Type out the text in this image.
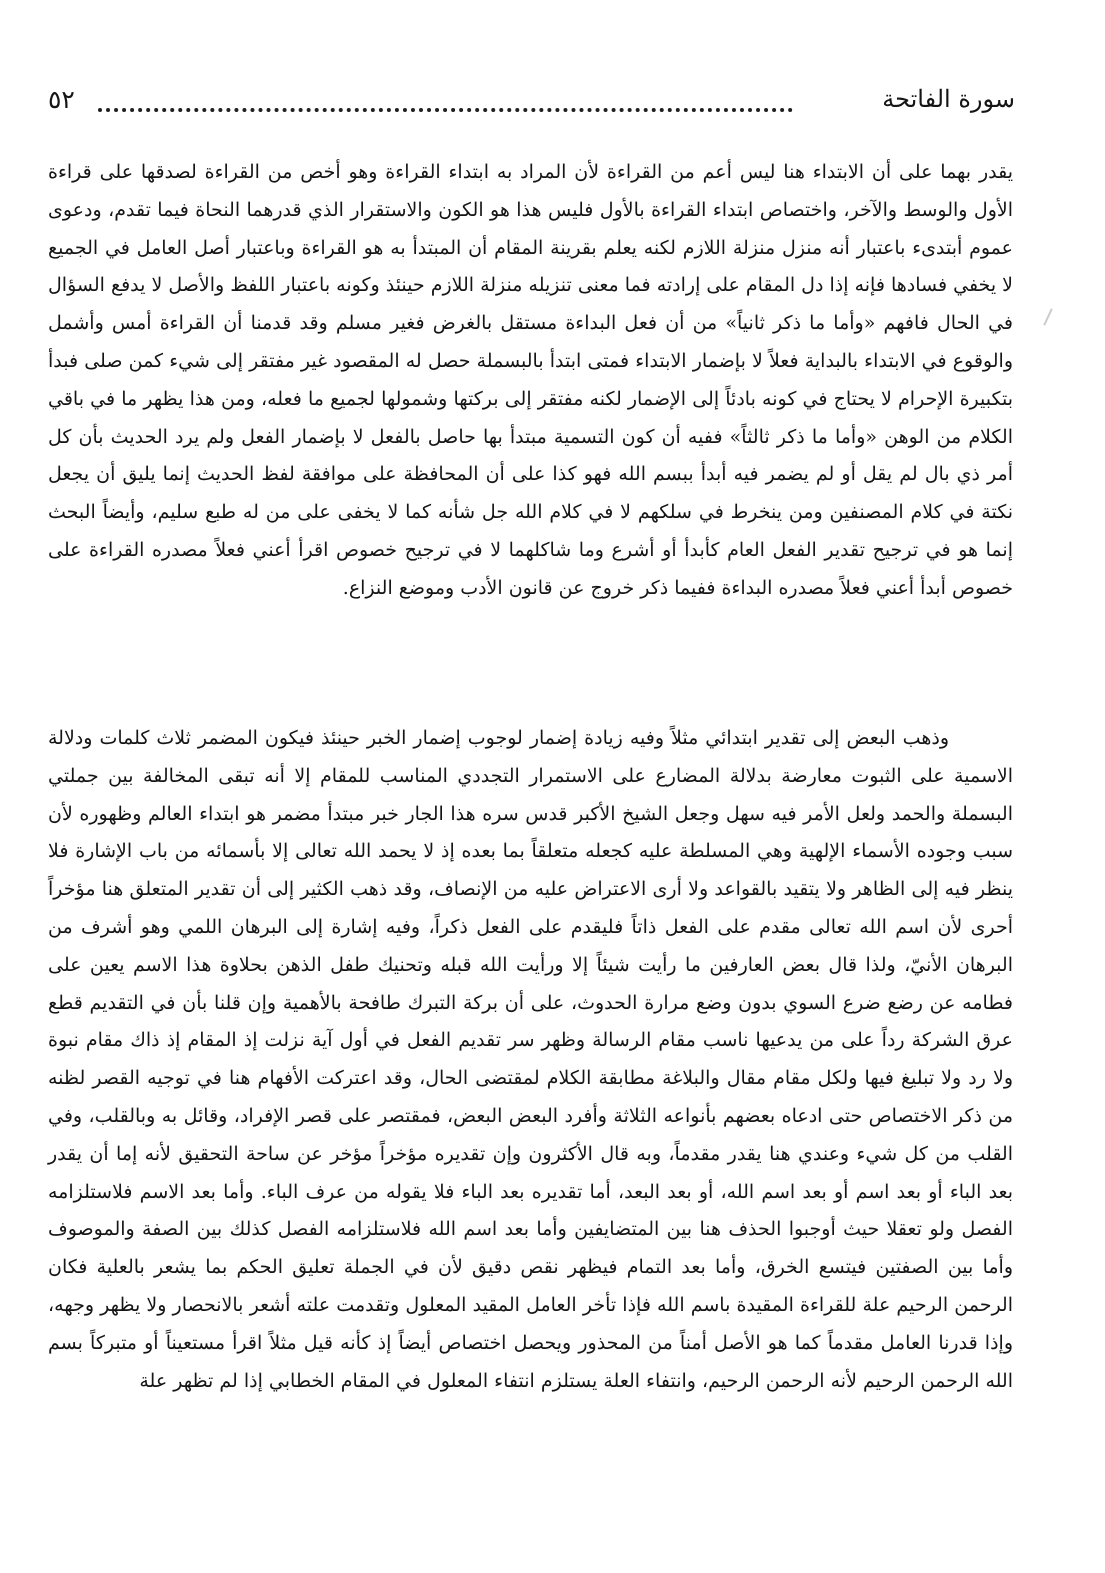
٥٢	سورة الفاتحة

يقدر بهما على أن الابتداء هنا ليس أعم من القراءة لأن المراد به ابتداء القراءة وهو أخص من القراءة لصدقها على قراءة الأول والوسط والآخر، واختصاص ابتداء القراءة بالأول فليس هذا هو الكون والاستقرار الذي قدرهما النحاة فيما تقدم، ودعوى عموم أبتدىء باعتبار أنه منزل منزلة اللازم لكنه يعلم بقرينة المقام أن المبتدأ به هو القراءة وباعتبار أصل العامل في الجميع لا يخفي فسادها فإنه إذا دل المقام على إرادته فما معنى تنزيله منزلة اللازم حينئذ وكونه باعتبار اللفظ والأصل لا يدفع السؤال في الحال فافهم «وأما ما ذكر ثانياً» من أن فعل البداءة مستقل بالغرض فغير مسلم وقد قدمنا أن القراءة أمس وأشمل والوقوع في الابتداء بالبداية فعلاً لا بإضمار الابتداء فمتى ابتدأ بالبسملة حصل له المقصود غير مفتقر إلى شيء كمن صلى فبدأ بتكبيرة الإحرام لا يحتاج في كونه بادئاً إلى الإضمار لكنه مفتقر إلى بركتها وشمولها لجميع ما فعله، ومن هذا يظهر ما في باقي الكلام من الوهن «وأما ما ذكر ثالثاً» ففيه أن كون التسمية مبتدأ بها حاصل بالفعل لا بإضمار الفعل ولم يرد الحديث بأن كل أمر ذي بال لم يقل أو لم يضمر فيه أبدأ ببسم الله فهو كذا على أن المحافظة على موافقة لفظ الحديث إنما يليق أن يجعل نكتة في كلام المصنفين ومن ينخرط في سلكهم لا في كلام الله جل شأنه كما لا يخفى على من له طبع سليم، وأيضاً البحث إنما هو في ترجيح تقدير الفعل العام كأبدأ أو أشرع وما شاكلهما لا في ترجيح خصوص اقرأ أعني فعلاً مصدره القراءة على خصوص أبدأ أعني فعلاً مصدره البداءة ففيما ذكر خروج عن قانون الأدب وموضع النزاع.

وذهب البعض إلى تقدير ابتدائي مثلاً وفيه زيادة إضمار لوجوب إضمار الخبر حينئذ فيكون المضمر ثلاث كلمات ودلالة الاسمية على الثبوت معارضة بدلالة المضارع على الاستمرار التجددي المناسب للمقام إلا أنه تبقى المخالفة بين جملتي البسملة والحمد ولعل الأمر فيه سهل وجعل الشيخ الأكبر قدس سره هذا الجار خبر مبتدأ مضمر هو ابتداء العالم وظهوره لأن سبب وجوده الأسماء الإلهية وهي المسلطة عليه كجعله متعلقاً بما بعده إذ لا يحمد الله تعالى إلا بأسمائه من باب الإشارة فلا ينظر فيه إلى الظاهر ولا يتقيد بالقواعد ولا أرى الاعتراض عليه من الإنصاف، وقد ذهب الكثير إلى أن تقدير المتعلق هنا مؤخراً أحرى لأن اسم الله تعالى مقدم على الفعل ذاتاً فليقدم على الفعل ذكراً، وفيه إشارة إلى البرهان اللمي وهو أشرف من البرهان الأنيّ، ولذا قال بعض العارفين ما رأيت شيئاً إلا ورأيت الله قبله وتحنيك طفل الذهن بحلاوة هذا الاسم يعين على فطامه عن رضع ضرع السوي بدون وضع مرارة الحدوث، على أن بركة التبرك طافحة بالأهمية وإن قلنا بأن في التقديم قطع عرق الشركة رداً على من يدعيها ناسب مقام الرسالة وظهر سر تقديم الفعل في أول آية نزلت إذ المقام إذ ذاك مقام نبوة ولا رد ولا تبليغ فيها ولكل مقام مقال والبلاغة مطابقة الكلام لمقتضى الحال، وقد اعتركت الأفهام هنا في توجيه القصر لظنه من ذكر الاختصاص حتى ادعاه بعضهم بأنواعه الثلاثة وأفرد البعض البعض، فمقتصر على قصر الإفراد، وقائل به وبالقلب، وفي القلب من كل شيء وعندي هنا يقدر مقدماً، وبه قال الأكثرون وإن تقديره مؤخراً مؤخر عن ساحة التحقيق لأنه إما أن يقدر بعد الباء أو بعد اسم أو بعد اسم الله، أو بعد البعد، أما تقديره بعد الباء فلا يقوله من عرف الباء. وأما بعد الاسم فلاستلزامه الفصل ولو تعقلا حيث أوجبوا الحذف هنا بين المتضايفين وأما بعد اسم الله فلاستلزامه الفصل كذلك بين الصفة والموصوف وأما بين الصفتين فيتسع الخرق، وأما بعد التمام فيظهر نقص دقيق لأن في الجملة تعليق الحكم بما يشعر بالعلية فكان الرحمن الرحيم علة للقراءة المقيدة باسم الله فإذا تأخر العامل المقيد المعلول وتقدمت علته أشعر بالانحصار ولا يظهر وجهه، وإذا قدرنا العامل مقدماً كما هو الأصل أمناً من المحذور ويحصل اختصاص أيضاً إذ كأنه قيل مثلاً اقرأ مستعيناً أو متبركاً بسم الله الرحمن الرحيم لأنه الرحمن الرحيم، وانتفاء العلة يستلزم انتفاء المعلول في المقام الخطابي إذا لم تظهر علة
